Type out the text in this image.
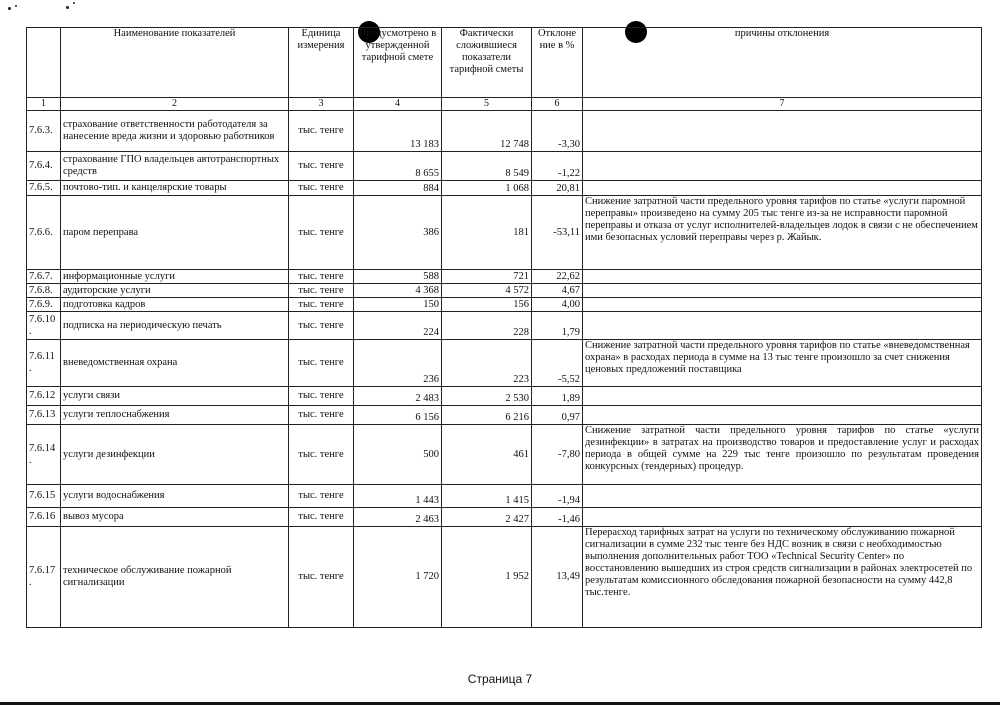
	Наименование показателей	Единица измерения	Предусмотрено в утвержденной тарифной смете	Фактически сложившиеся показатели тарифной сметы	Отклоне ние в %	причины отклонения
1	2	3	4	5	6	7
7.6.3.	страхование ответственности работодателя за нанесение вреда жизни и здоровью работников	тыс. тенге	13 183	12 748	-3,30	
7.6.4.	страхование ГПО владельцев автотранспортных средств	тыс. тенге	8 655	8 549	-1,22	
7.6.5.	почтово-тип. и канцелярские товары	тыс. тенге	884	1 068	20,81	
7.6.6.	паром переправа	тыс. тенге	386	181	-53,11	Снижение затратной части предельного уровня тарифов по статье «услуги паромной переправы» произведено на сумму 205 тыс тенге из-за не исправности паромной переправы и отказа от услуг исполнителей-владельцев лодок в связи с не обеспечением ими безопасных условий переправы через р. Жайык.
7.6.7.	информационные услуги	тыс. тенге	588	721	22,62	
7.6.8.	аудиторские услуги	тыс. тенге	4 368	4 572	4,67	
7.6.9.	подготовка кадров	тыс. тенге	150	156	4,00	
7.6.10 .	подписка на периодическую печать	тыс. тенге	224	228	1,79	
7.6.11 .	вневедомственная охрана	тыс. тенге	236	223	-5,52	Снижение затратной части предельного уровня тарифов по статье «вневедомственная охрана» в расходах периода в сумме на 13 тыс тенге произошло за счет снижения ценовых предложений поставщика
7.6.12	услуги связи	тыс. тенге	2 483	2 530	1,89	
7.6.13	услуги теплоснабжения	тыс. тенге	6 156	6 216	0,97	
7.6.14 .	услуги дезинфекции	тыс. тенге	500	461	-7,80	Снижение затратной части предельного уровня тарифов по статье «услуги дезинфекции» в затратах на производство товаров и предоставление услуг и расходах периода в общей сумме на 229 тыс тенге произошло по результатам проведения конкурсных (тендерных) процедур.
7.6.15	услуги водоснабжения	тыс. тенге	1 443	1 415	-1,94	
7.6.16	вывоз мусора	тыс. тенге	2 463	2 427	-1,46	
7.6.17 .	техническое обслуживание пожарной сигнализации	тыс. тенге	1 720	1 952	13,49	Перерасход тарифных затрат на услуги по техническому обслуживанию пожарной сигнализации в сумме 232 тыс тенге без НДС возник в связи с необходимостью выполнения дополнительных работ ТОО «Technical Security Center» по восстановлению вышедших из строя средств сигнализации в районах электросетей по результатам комиссионного обследования пожарной безопасности на сумму 442,8 тыс.тенге.
Страница 7
